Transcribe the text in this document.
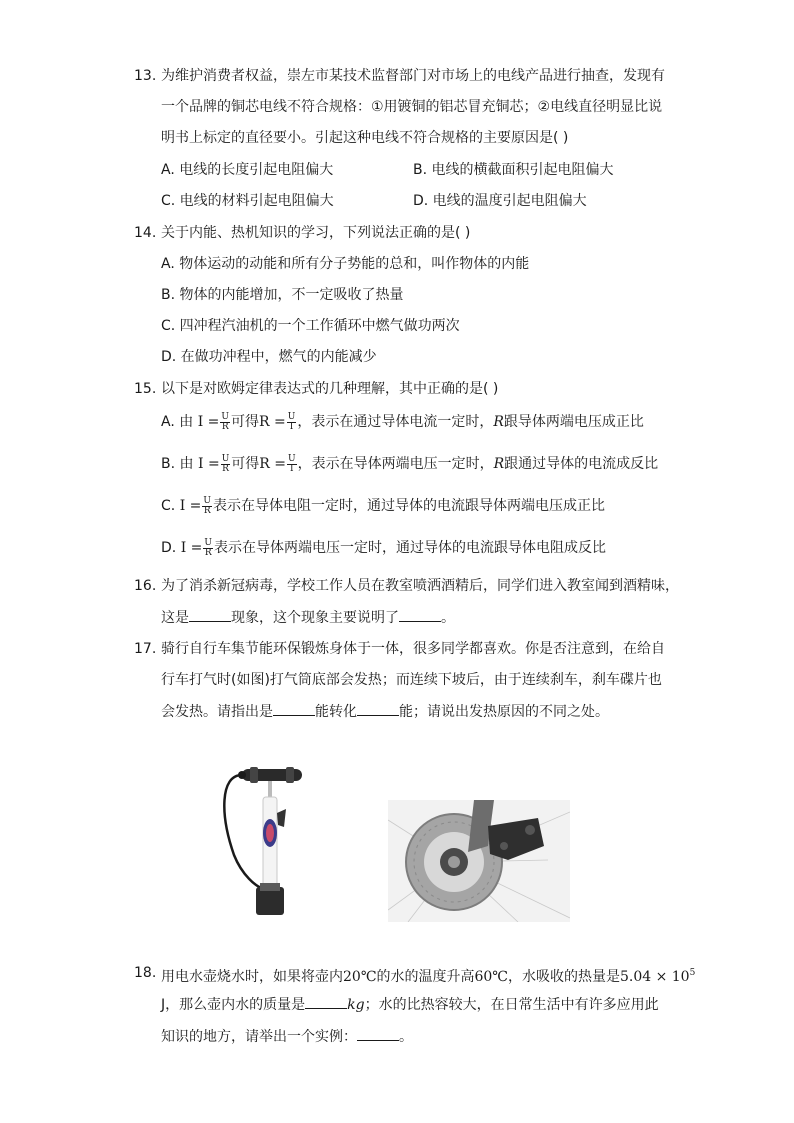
13. 为维护消费者权益，崇左市某技术监督部门对市场上的电线产品进行抽查，发现有
一个品牌的铜芯电线不符合规格：①用镀铜的铝芯冒充铜芯；②电线直径明显比说
明书上标定的直径要小。引起这种电线不符合规格的主要原因是( )
A. 电线的长度引起电阻偏大	B. 电线的横截面积引起电阻偏大
C. 电线的材料引起电阻偏大	D. 电线的温度引起电阻偏大
14. 关于内能、热机知识的学习，下列说法正确的是( )
A. 物体运动的动能和所有分子势能的总和，叫作物体的内能
B. 物体的内能增加，不一定吸收了热量
C. 四冲程汽油机的一个工作循环中燃气做功两次
D. 在做功冲程中，燃气的内能减少
15. 以下是对欧姆定律表达式的几种理解，其中正确的是( )
A. 由 $I = \frac{U}{R}$ 可得$R = \frac{U}{I}$ ，表示在通过导体电流一定时，R跟导体两端电压成正比
B. 由 $I = \frac{U}{R}$ 可得$R = \frac{U}{I}$ ，表示在导体两端电压一定时，R跟通过导体的电流成反比
C. $I = \frac{U}{R}$ 表示在导体电阻一定时，通过导体的电流跟导体两端电压成正比
D. $I = \frac{U}{R}$ 表示在导体两端电压一定时，通过导体的电流跟导体电阻成反比
16. 为了消杀新冠病毒，学校工作人员在教室喷洒酒精后，同学们进入教室闻到酒精味，
这是	现象，这个现象主要说明了	。
17. 骑行自行车集节能环保锻炼身体于一体，很多同学都喜欢。你是否注意到，在给自
行车打气时(如图)打气筒底部会发热；而连续下坡后，由于连续刹车，刹车碟片也
会发热。请指出是	能转化	能；请说出发热原因的不同之处。
18. 用电水壶烧水时，如果将壶内20℃的水的温度升高60℃，水吸收的热量是$5.04 \times 10^5$
J，那么壶内水的质量是	kg；水的比热容较大，在日常生活中有许多应用此
知识的地方，请举出一个实例：	。
